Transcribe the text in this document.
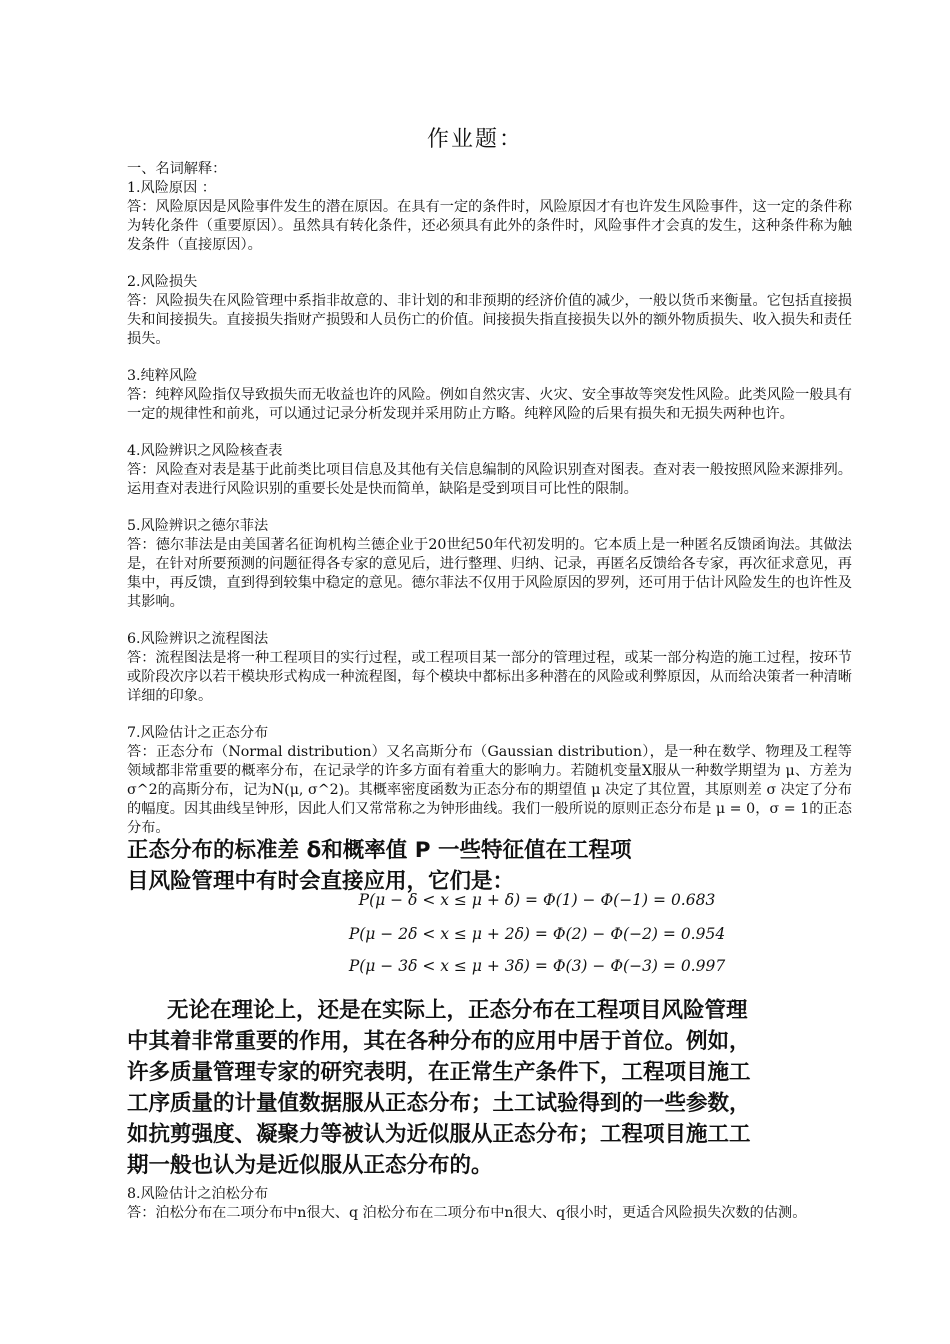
作业题：
一、名词解释：
1.风险原因 ：
答：风险原因是风险事件发生的潜在原因。在具有一定的条件时，风险原因才有也许发生风险事件，这一定的条件称为转化条件（重要原因）。虽然具有转化条件，还必须具有此外的条件时，风险事件才会真的发生，这种条件称为触发条件（直接原因）。
2.风险损失
答：风险损失在风险管理中系指非故意的、非计划的和非预期的经济价值的减少，一般以货币来衡量。它包括直接损失和间接损失。直接损失指财产损毁和人员伤亡的价值。间接损失指直接损失以外的额外物质损失、收入损失和责任损失。
3.纯粹风险
答：纯粹风险指仅导致损失而无收益也许的风险。例如自然灾害、火灾、安全事故等突发性风险。此类风险一般具有一定的规律性和前兆，可以通过记录分析发现并采用防止方略。纯粹风险的后果有损失和无损失两种也许。
4.风险辨识之风险核查表
答：风险查对表是基于此前类比项目信息及其他有关信息编制的风险识别查对图表。查对表一般按照风险来源排列。运用查对表进行风险识别的重要长处是快而简单，缺陷是受到项目可比性的限制。
5.风险辨识之德尔菲法
答：德尔菲法是由美国著名征询机构兰德企业于20世纪50年代初发明的。它本质上是一种匿名反馈函询法。其做法是，在针对所要预测的问题征得各专家的意见后，进行整理、归纳、记录，再匿名反馈给各专家，再次征求意见，再集中，再反馈，直到得到较集中稳定的意见。德尔菲法不仅用于风险原因的罗列，还可用于估计风险发生的也许性及其影响。
6.风险辨识之流程图法
答：流程图法是将一种工程项目的实行过程，或工程项目某一部分的管理过程，或某一部分构造的施工过程，按环节或阶段次序以若干模块形式构成一种流程图，每个模块中都标出多种潜在的风险或利弊原因，从而给决策者一种清晰详细的印象。
7.风险估计之正态分布
答：正态分布（Normal distribution）又名高斯分布（Gaussian distribution），是一种在数学、物理及工程等领域都非常重要的概率分布，在记录学的许多方面有着重大的影响力。若随机变量X服从一种数学期望为 μ、方差为 σ^2的高斯分布，记为N(μ, σ^2)。其概率密度函数为正态分布的期望值 μ 决定了其位置，其原则差 σ 决定了分布的幅度。因其曲线呈钟形，因此人们又常常称之为钟形曲线。我们一般所说的原则正态分布是 μ = 0，σ = 1的正态分布。
正态分布的标准差 δ和概率值 P 一些特征值在工程项
目风险管理中有时会直接应用，它们是：
P(μ − δ < x ≤ μ + δ) = Φ(1) − Φ(−1) = 0.683
P(μ − 2δ < x ≤ μ + 2δ) = Φ(2) − Φ(−2) = 0.954
P(μ − 3δ < x ≤ μ + 3δ) = Φ(3) − Φ(−3) = 0.997
无论在理论上，还是在实际上，正态分布在工程项目风险管理中其着非常重要的作用，其在各种分布的应用中居于首位。例如，许多质量管理专家的研究表明，在正常生产条件下，工程项目施工工序质量的计量值数据服从正态分布；土工试验得到的一些参数，如抗剪强度、凝聚力等被认为近似服从正态分布；工程项目施工工期一般也认为是近似服从正态分布的。
8.风险估计之泊松分布
答：泊松分布在二项分布中n很大、q 泊松分布在二项分布中n很大、q很小时，更适合风险损失次数的估测。
